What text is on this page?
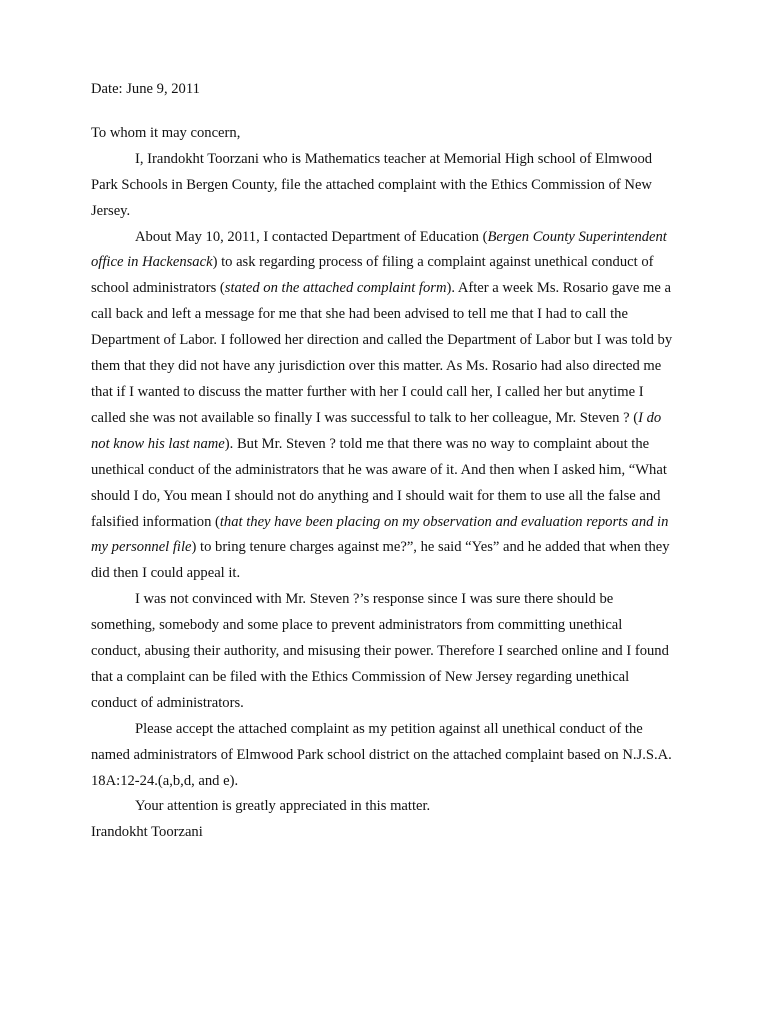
Date: June 9, 2011

To whom it may concern,

I, Irandokht Toorzani who is Mathematics teacher at Memorial High school of Elmwood Park Schools in Bergen County, file the attached complaint with the Ethics Commission of New Jersey.

About May 10, 2011, I contacted Department of Education (Bergen County Superintendent office in Hackensack) to ask regarding process of filing a complaint against unethical conduct of school administrators (stated on the attached complaint form). After a week Ms. Rosario gave me a call back and left a message for me that she had been advised to tell me that I had to call the Department of Labor. I followed her direction and called the Department of Labor but I was told by them that they did not have any jurisdiction over this matter. As Ms. Rosario had also directed me that if I wanted to discuss the matter further with her I could call her, I called her but anytime I called she was not available so finally I was successful to talk to her colleague, Mr. Steven ? (I do not know his last name). But Mr. Steven ? told me that there was no way to complaint about the unethical conduct of the administrators that he was aware of it. And then when I asked him, “What should I do, You mean I should not do anything and I should wait for them to use all the false and falsified information (that they have been placing on my observation and evaluation reports and in my personnel file) to bring tenure charges against me?”, he said “Yes” and he added that when they did then I could appeal it.

I was not convinced with Mr. Steven ?’s response since I was sure there should be something, somebody and some place to prevent administrators from committing unethical conduct, abusing their authority, and misusing their power. Therefore I searched online and I found that a complaint can be filed with the Ethics Commission of New Jersey regarding unethical conduct of administrators.

Please accept the attached complaint as my petition against all unethical conduct of the named administrators of Elmwood Park school district on the attached complaint based on N.J.S.A. 18A:12-24.(a,b,d, and e).

Your attention is greatly appreciated in this matter.

Irandokht Toorzani
